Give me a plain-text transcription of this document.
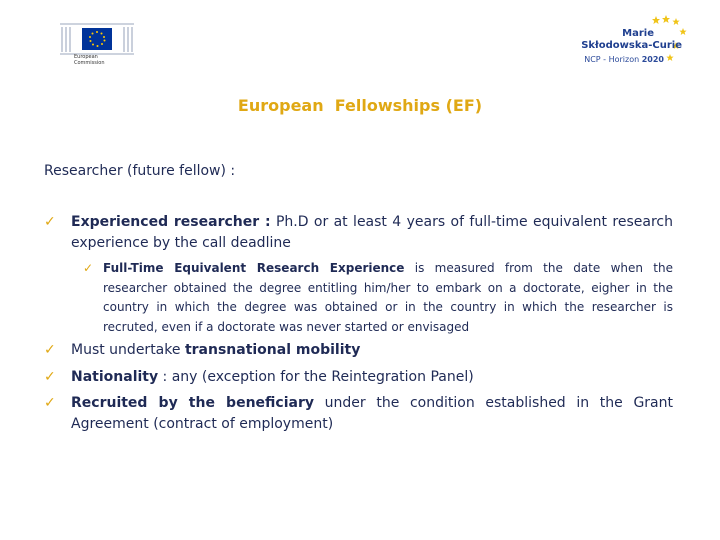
European
Commission
Marie
Skłodowska-Curie
NCP - Horizon 2020
European  Fellowships (EF)
Researcher (future fellow) :
✓ Experienced researcher : Ph.D or at least 4 years of full-time equivalent research experience by the call deadline
✓ Full-Time Equivalent Research Experience is measured from the date when the researcher obtained the degree entitling him/her to embark on a doctorate, eigher in the country in which the degree was obtained or in the country in which the researcher is recruted, even if a doctorate was never started or envisaged
✓ Must undertake transnational mobility
✓ Nationality : any (exception for the Reintegration Panel)
✓ Recruited by the beneficiary under the condition established in the Grant Agreement (contract of employment)
